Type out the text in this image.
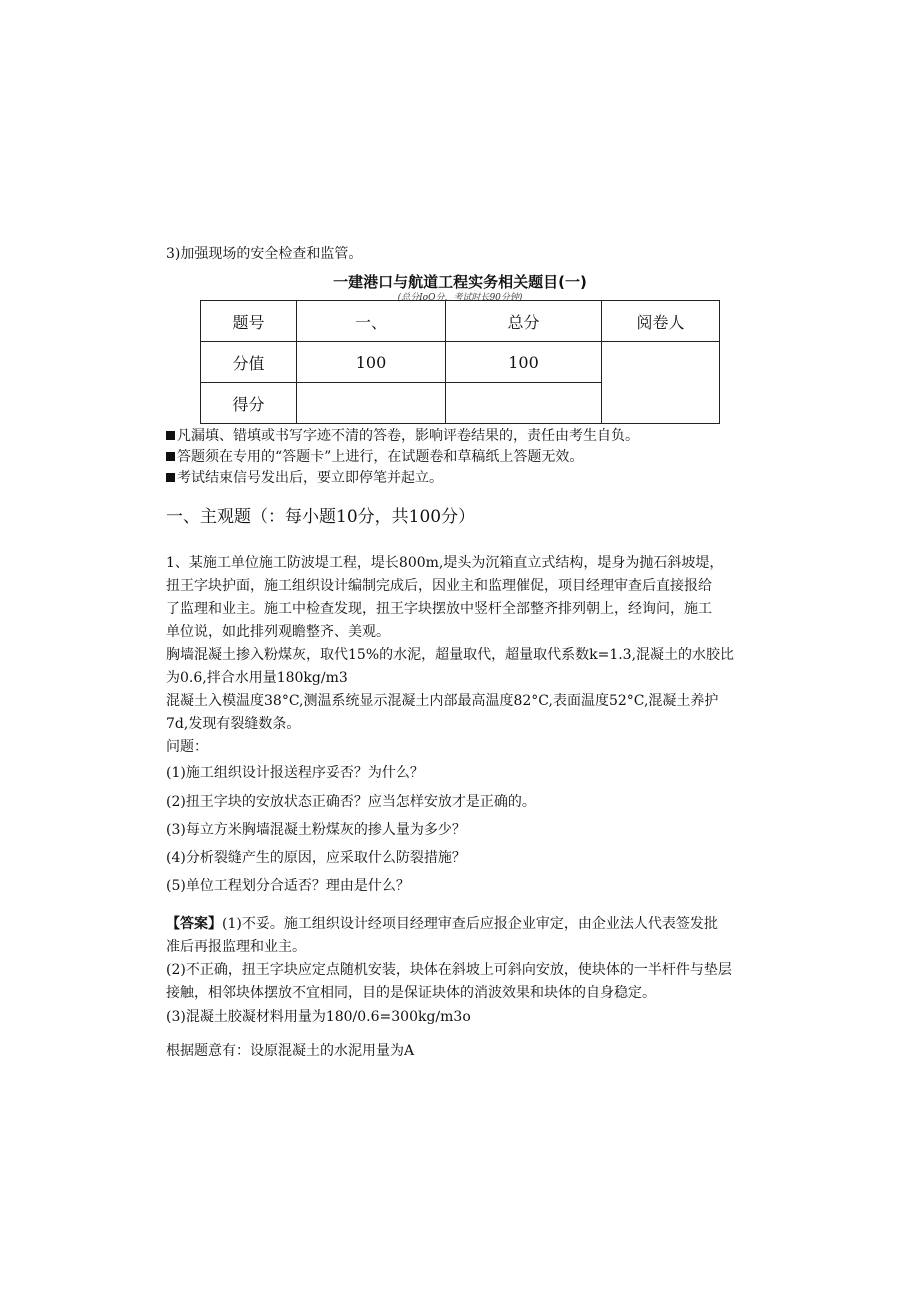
3)加强现场的安全检查和监管。
一建港口与航道工程实务相关题目(一)
(总分IoO分，考试时长90分钟)
题号	一、	总分	阅卷人
分值	100	100	
得分			
凡漏填、错填或书写字迹不清的答卷，影响评卷结果的，责任由考生自负。
答题须在专用的“答题卡”上进行，在试题卷和草稿纸上答题无效。
考试结束信号发出后，要立即停笔并起立。
一、主观题（：每小题10分，共100分）
1、某施工单位施工防波堤工程，堤长800m,堤头为沉箱直立式结构，堤身为抛石斜坡堤，
扭王字块护面，施工组织设计编制完成后，因业主和监理催促，项目经理审查后直接报给
了监理和业主。施工中检查发现，扭王字块摆放中竖杆全部整齐排列朝上，经询问，施工
单位说，如此排列观瞻整齐、美观。
胸墙混凝土掺入粉煤灰，取代15%的水泥，超量取代，超量取代系数k=1.3,混凝土的水胶比
为0.6,拌合水用量180kg∕m3
混凝土入模温度38°C,测温系统显示混凝土内部最高温度82°C,表面温度52°C,混凝土养护
7d,发现有裂缝数条。
问题：
(1)施工组织设计报送程序妥否？为什么？
(2)扭王字块的安放状态正确否？应当怎样安放才是正确的。
(3)每立方米胸墙混凝土粉煤灰的掺人量为多少？
(4)分析裂缝产生的原因，应采取什么防裂措施？
(5)单位工程划分合适否？理由是什么？
【答案】(1)不妥。施工组织设计经项目经理审查后应报企业审定，由企业法人代表签发批
准后再报监理和业主。
(2)不正确，扭王字块应定点随机安装，块体在斜坡上可斜向安放，使块体的一半杆件与垫层
接触，相邻块体摆放不宜相同，目的是保证块体的消波效果和块体的自身稳定。
(3)混凝土胶凝材料用量为180/0.6=300kg∕m3o
根据题意有：设原混凝土的水泥用量为A
